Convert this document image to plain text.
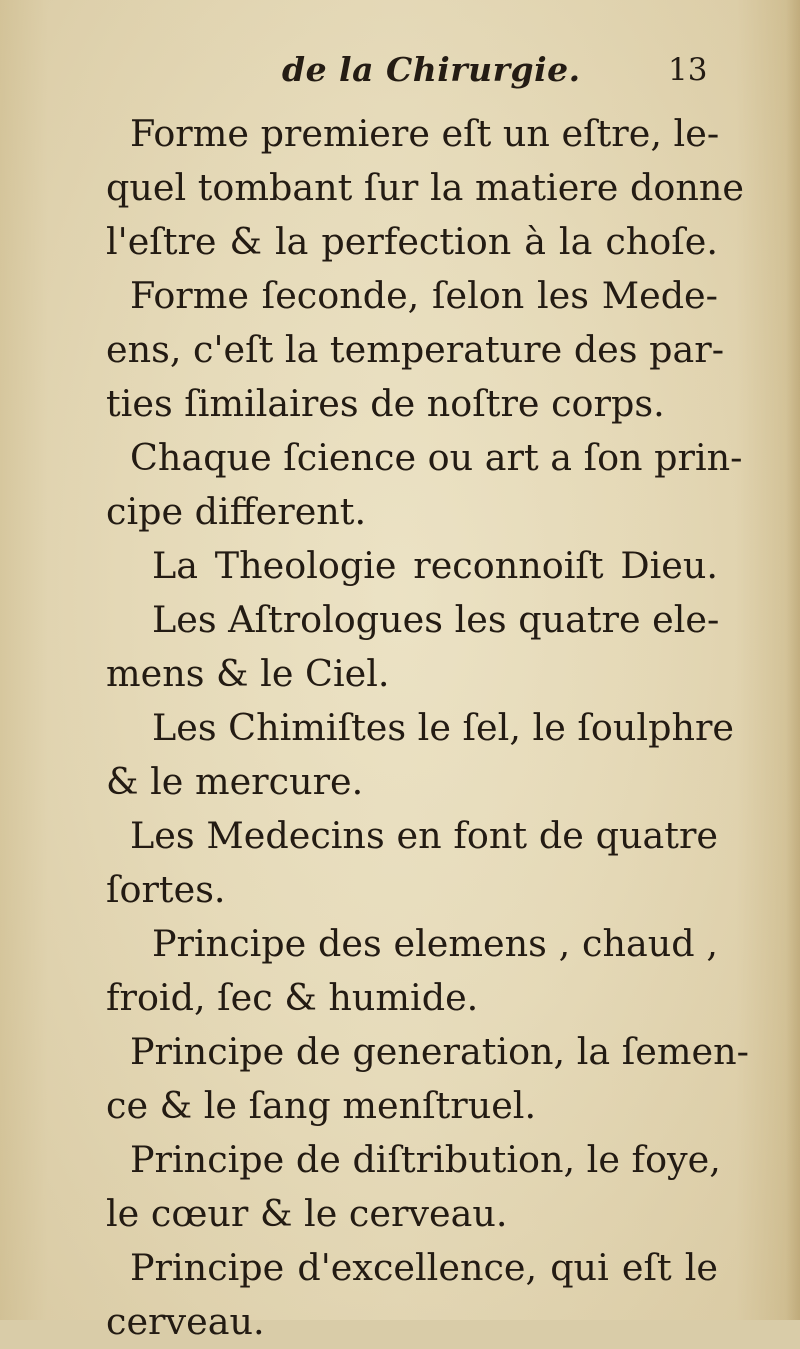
de la Chirurgie.	13
Forme premiere eſt un eſtre, le-
quel tombant ſur la matiere donne
l'eſtre & la perfection à la choſe.
Forme ſeconde, ſelon les Mede-
ens, c'eſt la temperature des par-
ties ſimilaires de noſtre corps.
Chaque ſcience ou art a ſon prin-
cipe different.
La Theologie reconnoiſt Dieu.
Les Aſtrologues les quatre ele-
mens & le Ciel.
Les Chimiſtes le ſel, le ſoulphre
& le mercure.
Les Medecins en font de quatre
ſortes.
Principe des elemens , chaud ,
froid, ſec & humide.
Principe de generation, la ſemen-
ce & le ſang menſtruel.
Principe de diſtribution, le foye,
le cœur & le cerveau.
Principe d'excellence, qui eſt le
cerveau.
